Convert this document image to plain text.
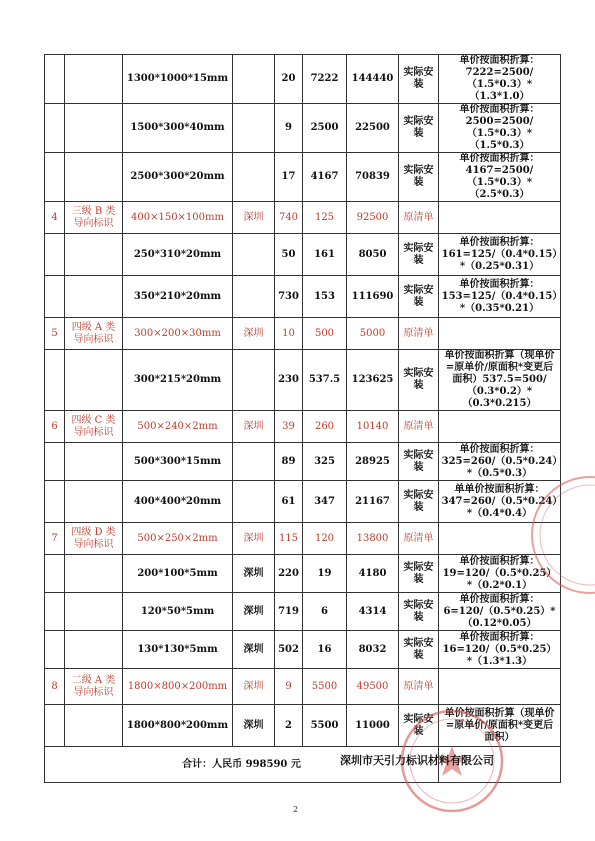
		1300*1000*15mm		20	7222	144440	实际安装	单价按面积折算：7222=2500/（1.5*0.3）*（1.3*1.0）
		1500*300*40mm		9	2500	22500	实际安装	单价按面积折算：2500=2500/（1.5*0.3）*（1.5*0.3）
		2500*300*20mm		17	4167	70839	实际安装	单价按面积折算：4167=2500/（1.5*0.3）*（2.5*0.3）
4	三级 B 类导向标识	400×150×100mm	深圳	740	125	92500	原清单	
		250*310*20mm		50	161	8050	实际安装	单价按面积折算：161=125/（0.4*0.15）*（0.25*0.31）
		350*210*20mm		730	153	111690	实际安装	单价按面积折算：153=125/（0.4*0.15）*（0.35*0.21）
5	四级 A 类导向标识	300×200×30mm	深圳	10	500	5000	原清单	
		300*215*20mm		230	537.5	123625	实际安装	单价按面积折算（现单价=原单价/原面积*变更后面积）537.5=500/（0.3*0.2）*（0.3*0.215）
6	四级 C 类导向标识	500×240×2mm	深圳	39	260	10140	原清单	
		500*300*15mm		89	325	28925	实际安装	单价按面积折算：325=260/（0.5*0.24）*（0.5*0.3）
		400*400*20mm		61	347	21167	实际安装	单单价按面积折算：347=260/（0.5*0.24）*（0.4*0.4）
7	四级 D 类导向标识	500×250×2mm	深圳	115	120	13800	原清单	
		200*100*5mm	深圳	220	19	4180	实际安装	单价按面积折算：19=120/（0.5*0.25）*（0.2*0.1）
		120*50*5mm	深圳	719	6	4314	实际安装	单价按面积折算：6=120/（0.5*0.25）*（0.12*0.05）
		130*130*5mm	深圳	502	16	8032	实际安装	单价按面积折算：16=120/（0.5*0.25）*（1.3*1.3）
8	二级 A 类导向标识	1800×800×200mm	深圳	9	5500	49500	原清单	
		1800*800*200mm	深圳	2	5500	11000	实际安装	单价按面积折算（现单价=原单价/原面积*变更后面积）
合计：人民币 998590 元									深圳市天引力标识材料有限公司
2
